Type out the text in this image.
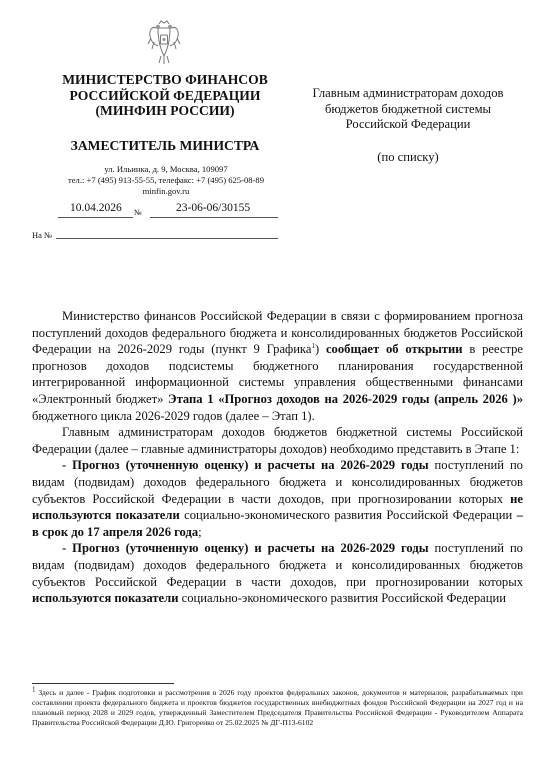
МИНИСТЕРСТВО ФИНАНСОВ
РОССИЙСКОЙ ФЕДЕРАЦИИ
(МИНФИН РОССИИ)
ЗАМЕСТИТЕЛЬ МИНИСТРА
ул. Ильинка, д. 9, Москва, 109097
тел.: +7 (495) 913-55-55, телефакс: +7 (495) 625-08-89
minfin.gov.ru
10.04.2026 №	23-06-06/30155
На №
Главным администраторам доходов
бюджетов бюджетной системы
Российской Федерации
(по списку)

Министерство финансов Российской Федерации в связи с формированием прогноза поступлений доходов федерального бюджета и консолидированных бюджетов Российской Федерации на 2026-2029 годы (пункт 9 Графика$^1$) сообщает об открытии в реестре прогнозов доходов подсистемы бюджетного планирования государственной интегрированной информационной системы управления общественными финансами «Электронный бюджет» Этапа 1 «Прогноз доходов на 2026-2029 годы (апрель 2026 )» бюджетного цикла 2026-2029 годов (далее – Этап 1).

Главным администраторам доходов бюджетов бюджетной системы Российской Федерации (далее – главные администраторы доходов) необходимо представить в Этапе 1:

- Прогноз (уточненную оценку) и расчеты на 2026-2029 годы поступлений по видам (подвидам) доходов федерального бюджета и консолидированных бюджетов субъектов Российской Федерации в части доходов, при прогнозировании которых не используются показатели социально-экономического развития Российской Федерации – в срок до 17 апреля 2026 года;

- Прогноз (уточненную оценку) и расчеты на 2026-2029 годы поступлений по видам (подвидам) доходов федерального бюджета и консолидированных бюджетов субъектов Российской Федерации в части доходов, при прогнозировании которых используются показатели социально-экономического развития Российской Федерации

$^1$ Здесь и далее - График подготовки и рассмотрения в 2026 году проектов федеральных законов, документов и материалов, разрабатываемых при составлении проекта федерального бюджета и проектов бюджетов государственных внебюджетных фондов Российской Федерации на 2027 год и на плановый период 2028 и 2029 годов, утвержденный Заместителем Председателя Правительства Российской Федерации - Руководителем Аппарата Правительства Российской Федерации Д.Ю. Григоренко от 25.02.2025 № ДГ-П13-6102
